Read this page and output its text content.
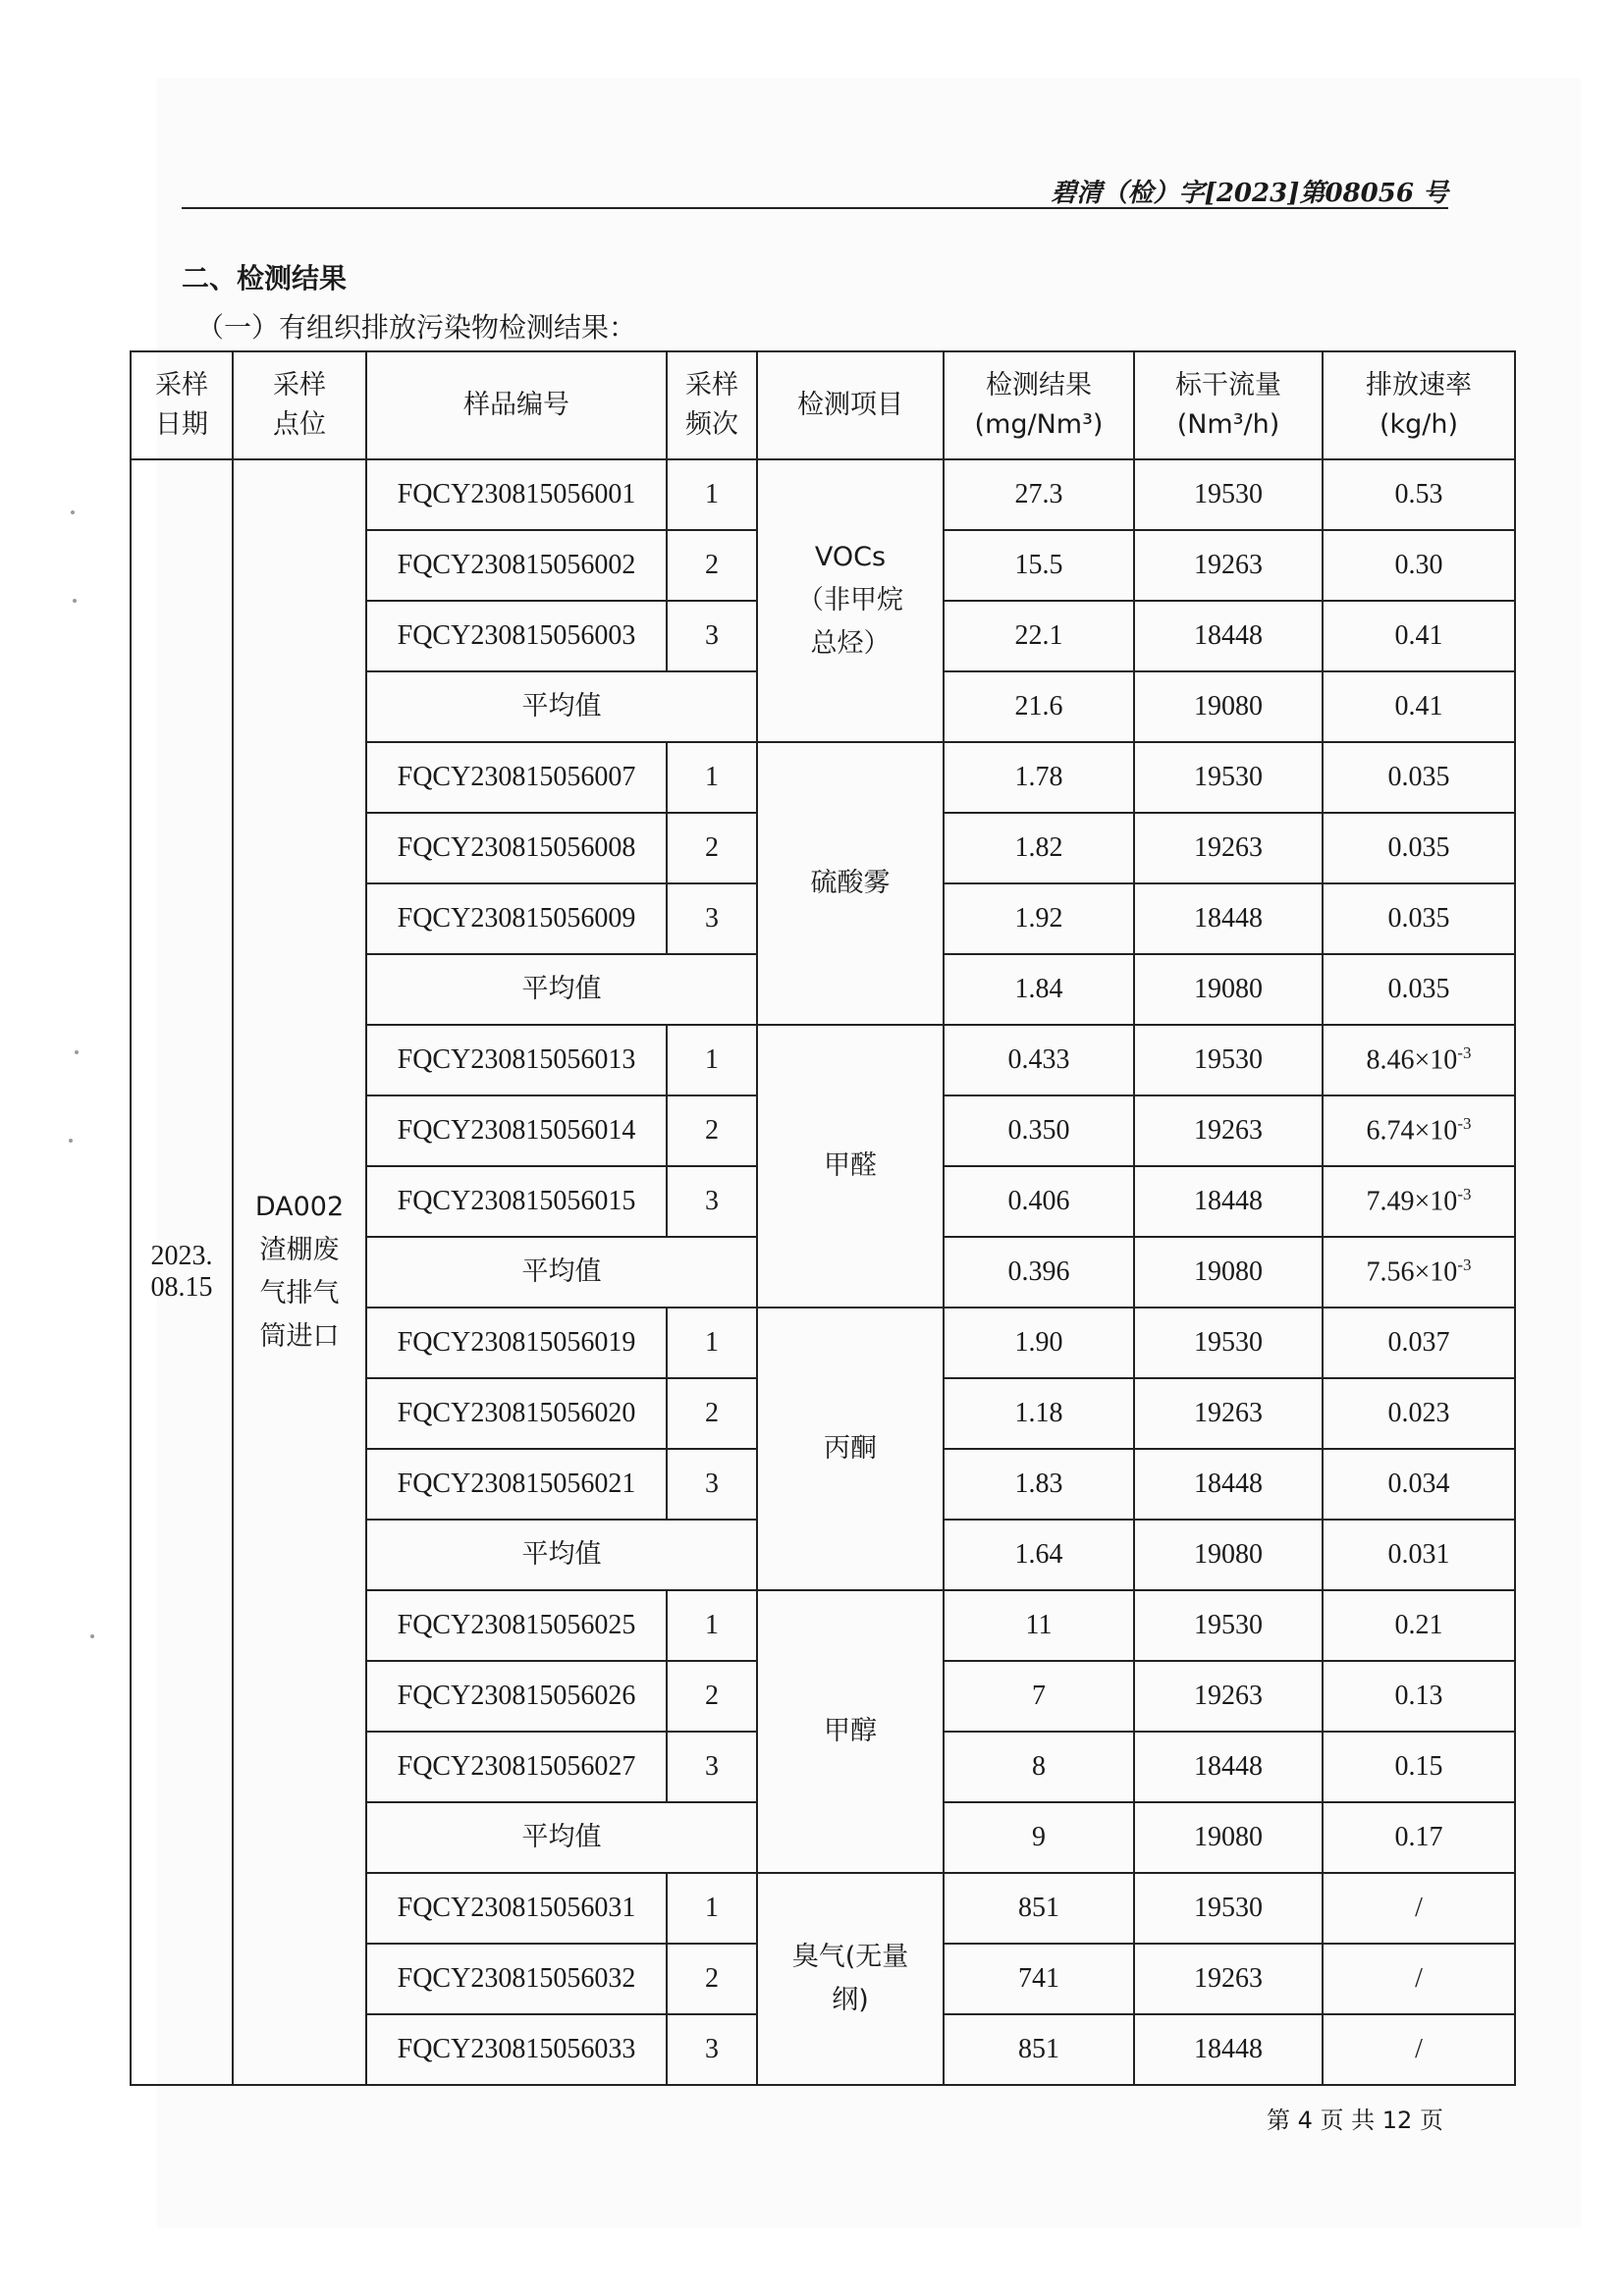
碧清（检）字[2023]第08056 号
二、检测结果
（一）有组织排放污染物检测结果：
采样
日期	采样
点位	样品编号	采样
频次	检测项目	检测结果
(mg/Nm³)	标干流量
(Nm³/h)	排放速率
(kg/h)
2023.
08.15	DA002
渣棚废
气排气
筒进口	FQCY230815056001	1	VOCs
（非甲烷
总烃）	27.3	19530	0.53
		FQCY230815056002	2		15.5	19263	0.30
		FQCY230815056003	3		22.1	18448	0.41
		平均值			21.6	19080	0.41
		FQCY230815056007	1	硫酸雾	1.78	19530	0.035
		FQCY230815056008	2		1.82	19263	0.035
		FQCY230815056009	3		1.92	18448	0.035
		平均值			1.84	19080	0.035
		FQCY230815056013	1	甲醛	0.433	19530	$8.46\times 10^{-3}$
		FQCY230815056014	2		0.350	19263	$6.74\times 10^{-3}$
		FQCY230815056015	3		0.406	18448	$7.49\times 10^{-3}$
		平均值			0.396	19080	$7.56\times 10^{-3}$
		FQCY230815056019	1	丙酮	1.90	19530	0.037
		FQCY230815056020	2		1.18	19263	0.023
		FQCY230815056021	3		1.83	18448	0.034
		平均值			1.64	19080	0.031
		FQCY230815056025	1	甲醇	11	19530	0.21
		FQCY230815056026	2		7	19263	0.13
		FQCY230815056027	3		8	18448	0.15
		平均值			9	19080	0.17
		FQCY230815056031	1	臭气(无量
纲)	851	19530	/
		FQCY230815056032	2		741	19263	/
		FQCY230815056033	3		851	18448	/
第 4 页 共 12 页
